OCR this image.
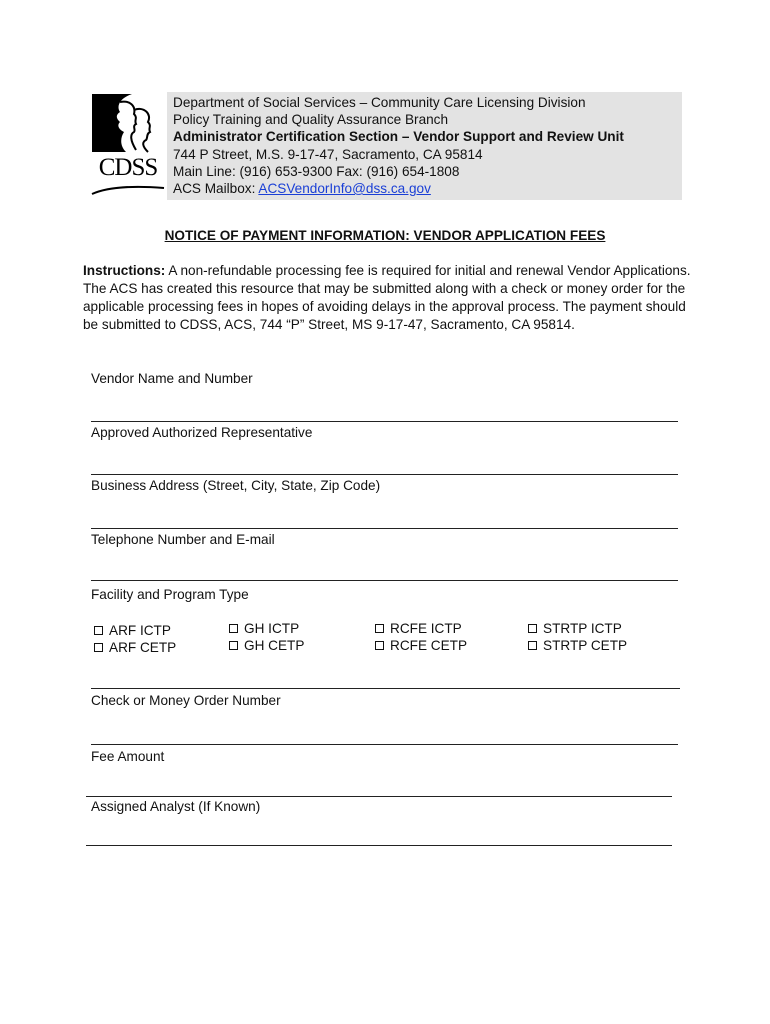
CDSS
Department of Social Services – Community Care Licensing Division
Policy Training and Quality Assurance Branch
Administrator Certification Section – Vendor Support and Review Unit
744 P Street, M.S. 9-17-47, Sacramento, CA 95814
Main Line: (916) 653-9300 Fax: (916) 654-1808
ACS Mailbox: ACSVendorInfo@dss.ca.gov
NOTICE OF PAYMENT INFORMATION: VENDOR APPLICATION FEES
Instructions: A non-refundable processing fee is required for initial and renewal Vendor Applications. The ACS has created this resource that may be submitted along with a check or money order for the applicable processing fees in hopes of avoiding delays in the approval process. The payment should be submitted to CDSS, ACS, 744 “P” Street, MS 9-17-47, Sacramento, CA 95814.
Vendor Name and Number
Approved Authorized Representative
Business Address (Street, City, State, Zip Code)
Telephone Number and E-mail
Facility and Program Type
ARF ICTP
ARF CETP
GH ICTP
GH CETP
RCFE ICTP
RCFE CETP
STRTP ICTP
STRTP CETP
Check or Money Order Number
Fee Amount
Assigned Analyst (If Known)
